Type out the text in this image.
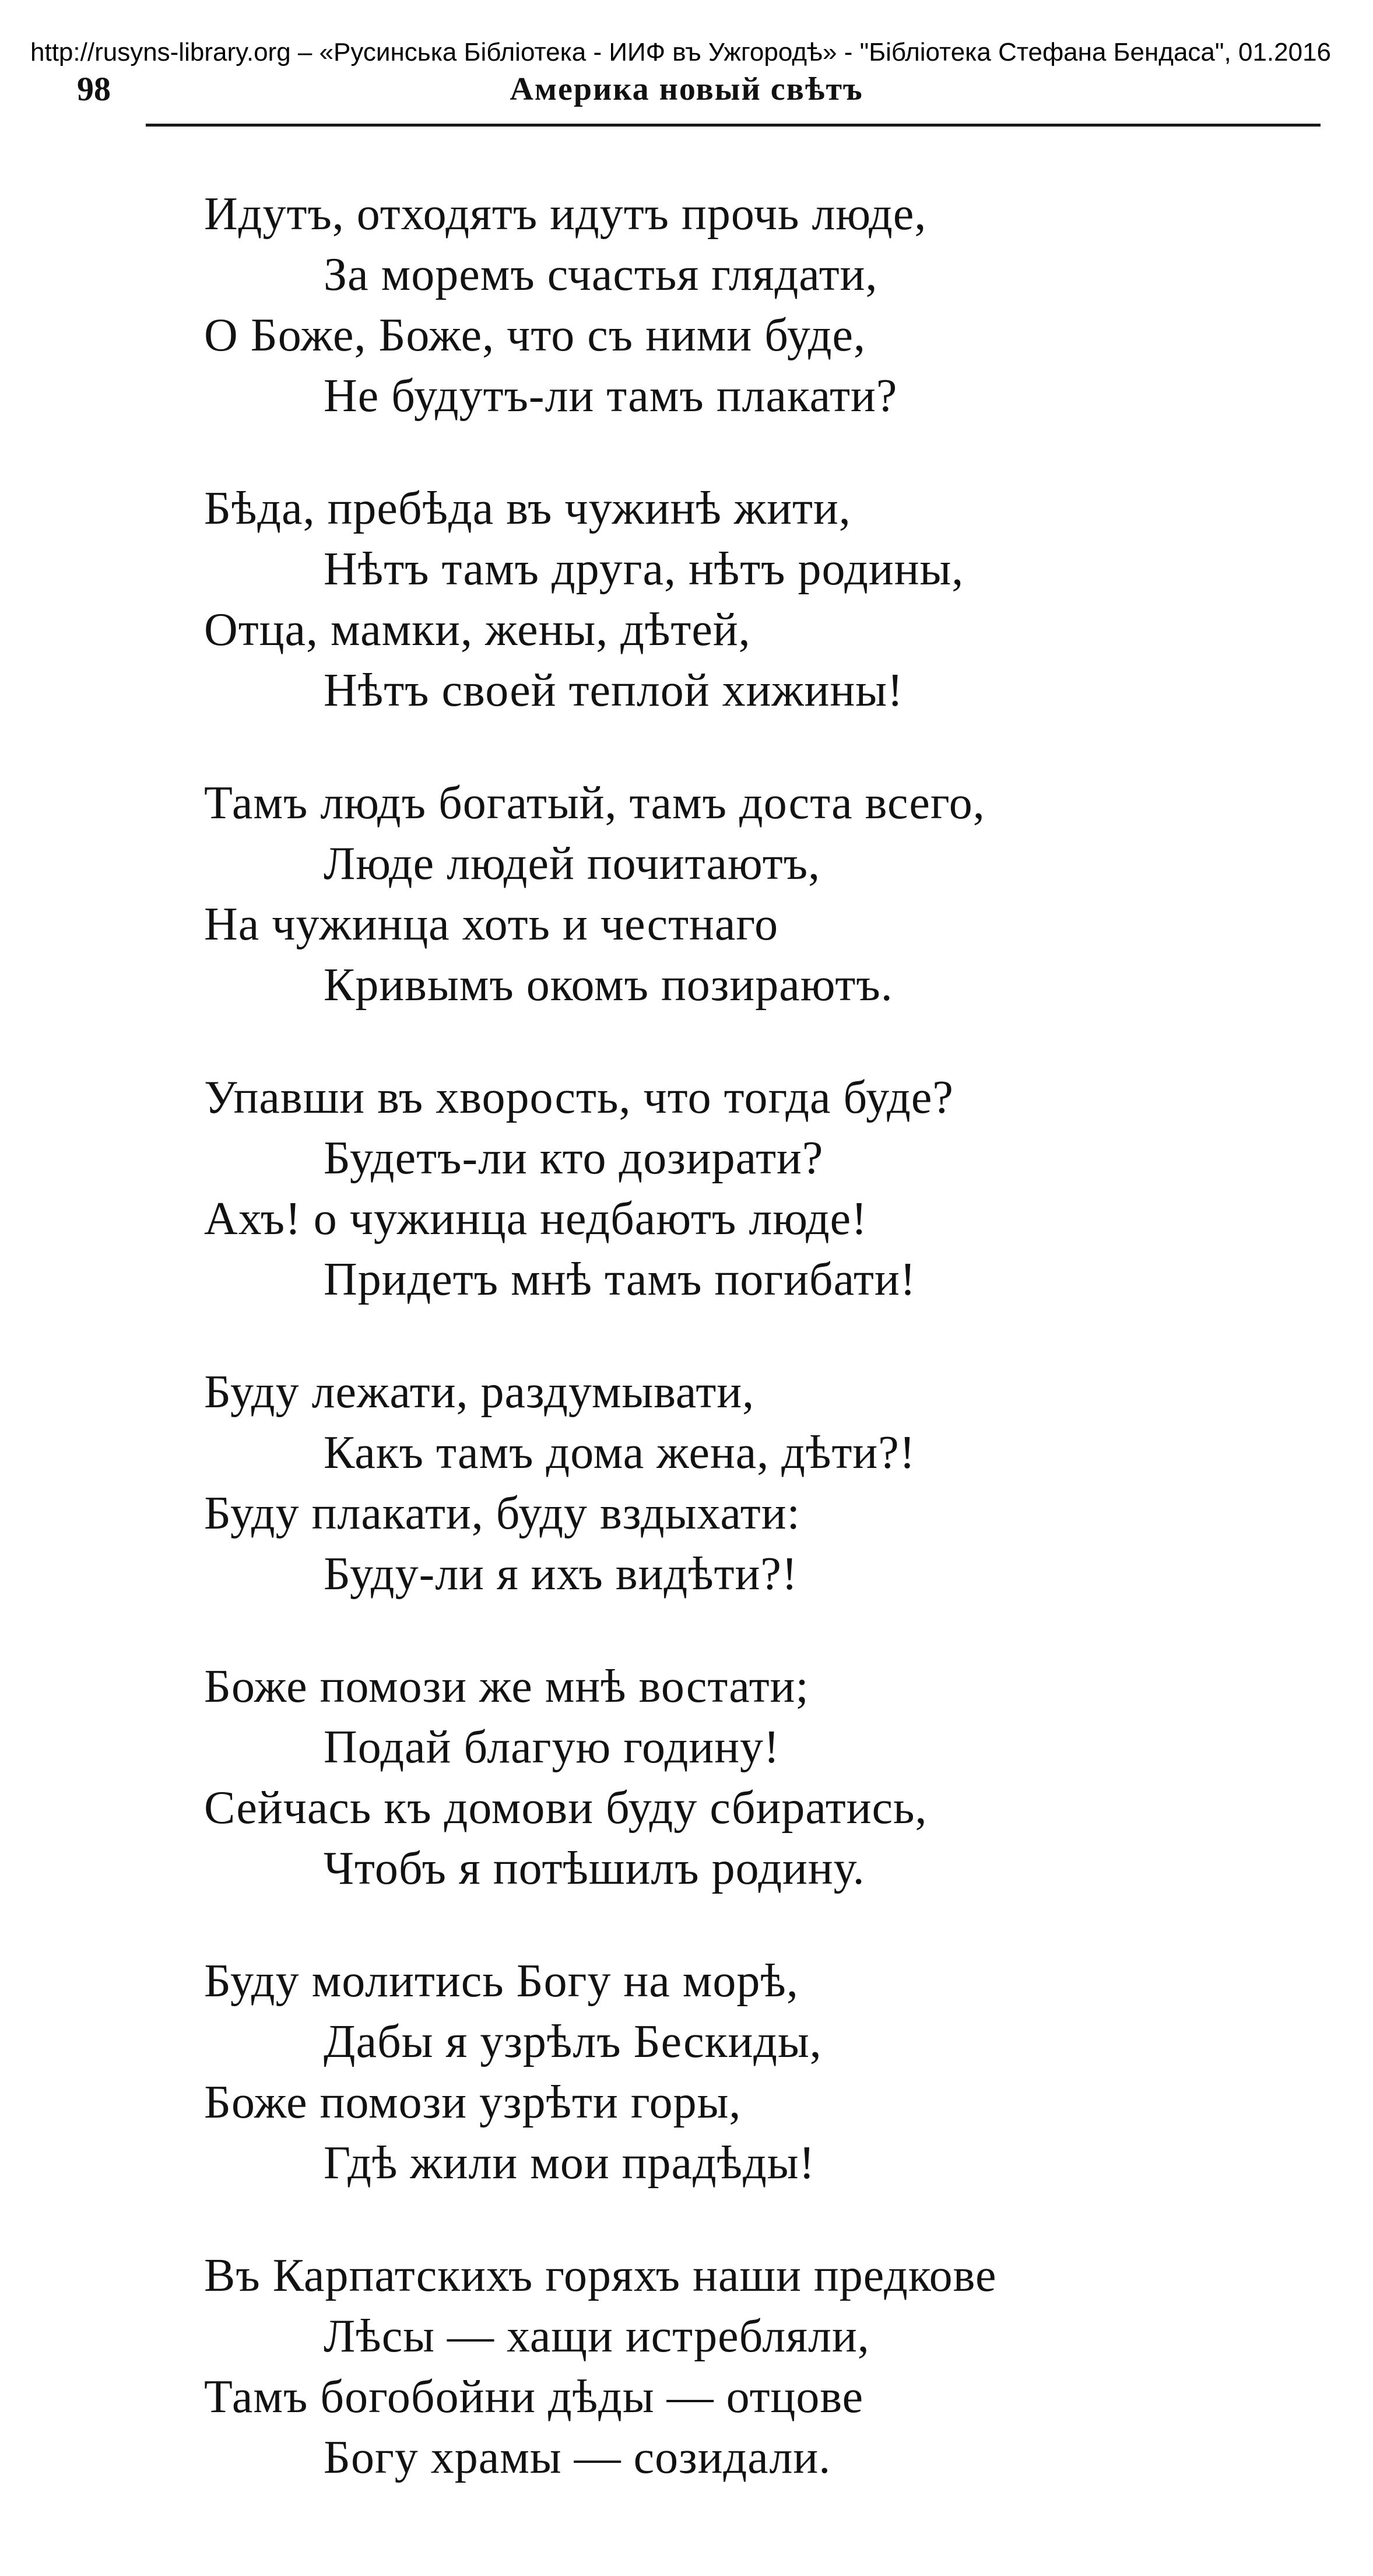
http://rusyns-library.org – «Русинська Бібліотека - ИИФ въ Ужгородѣ» - "Бібліотека Стефана Бендаса", 01.2016
98	Америка новый свѣтъ
Идутъ, отходятъ идутъ прочь люде,
За моремъ счастья глядати,
О Боже, Боже, что съ ними буде,
Не будутъ-ли тамъ плакати?
Бѣда, пребѣда въ чужинѣ жити,
Нѣтъ тамъ друга, нѣтъ родины,
Отца, мамки, жены, дѣтей,
Нѣтъ своей теплой хижины!
Тамъ людъ богатый, тамъ доста всего,
Люде людей почитаютъ,
На чужинца хоть и честнаго
Кривымъ окомъ позираютъ.
Упавши въ хворость, что тогда буде?
Будетъ-ли кто дозирати?
Ахъ! о чужинца недбаютъ люде!
Придетъ мнѣ тамъ погибати!
Буду лежати, раздумывати,
Какъ тамъ дома жена, дѣти?!
Буду плакати, буду вздыхати:
Буду-ли я ихъ видѣти?!
Боже помози же мнѣ востати;
Подай благую годину!
Сейчась къ домови буду сбиратись,
Чтобъ я потѣшилъ родину.
Буду молитись Богу на морѣ,
Дабы я узрѣлъ Бескиды,
Боже помози узрѣти горы,
Гдѣ жили мои прадѣды!
Въ Карпатскихъ горяхъ наши предкове
Лѣсы — хащи истребляли,
Тамъ богобойни дѣды — отцове
Богу храмы — созидали.
